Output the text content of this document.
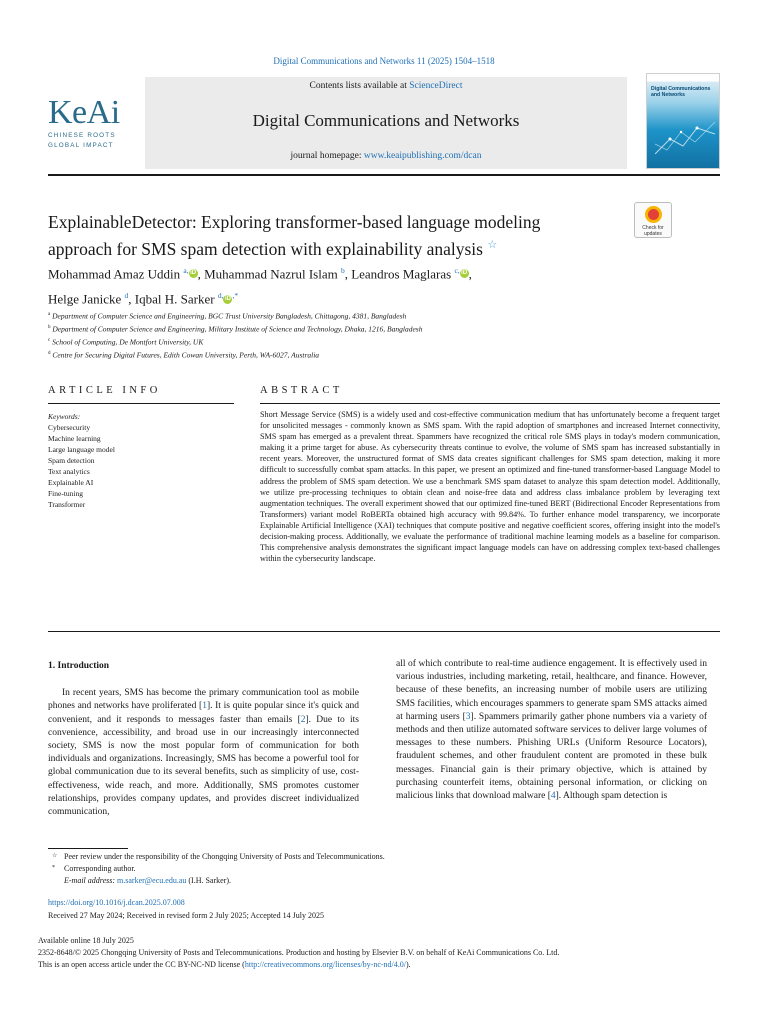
Digital Communications and Networks 11 (2025) 1504–1518
KeAi
CHINESE ROOTS
GLOBAL IMPACT
Contents lists available at ScienceDirect
Digital Communications and Networks
journal homepage: www.keaipublishing.com/dcan
Digital Communications and Networks
ExplainableDetector: Exploring transformer-based language modeling
approach for SMS spam detection with explainability analysis ☆
Check for updates
Mohammad Amaz Uddin $^{a,}$ iD , Muhammad Nazrul Islam $^b$, Leandros Maglaras $^{c,}$ iD ,
Helge Janicke $^d$, Iqbal H. Sarker $^{d,}$ iD ,*
$^a$ Department of Computer Science and Engineering, BGC Trust University Bangladesh, Chittagong, 4381, Bangladesh
$^b$ Department of Computer Science and Engineering, Military Institute of Science and Technology, Dhaka, 1216, Bangladesh
$^c$ School of Computing, De Montfort University, UK
$^d$ Centre for Securing Digital Futures, Edith Cowan University, Perth, WA-6027, Australia
ARTICLE INFO	ABSTRACT
Keywords:
Cybersecurity
Machine learning
Large language model
Spam detection
Text analytics
Explainable AI
Fine-tuning
Transformer
Short Message Service (SMS) is a widely used and cost-effective communication medium that has unfortunately become a frequent target for unsolicited messages - commonly known as SMS spam. With the rapid adoption of smartphones and increased Internet connectivity, SMS spam has emerged as a prevalent threat. Spammers have recognized the critical role SMS plays in today's modern communication, making it a prime target for abuse. As cybersecurity threats continue to evolve, the volume of SMS spam has increased substantially in recent years. Moreover, the unstructured format of SMS data creates significant challenges for SMS spam detection, making it more difficult to successfully combat spam attacks. In this paper, we present an optimized and fine-tuned transformer-based Language Model to address the problem of SMS spam detection. We use a benchmark SMS spam dataset to analyze this spam detection model. Additionally, we utilize pre-processing techniques to obtain clean and noise-free data and address class imbalance problem by leveraging text augmentation techniques. The overall experiment showed that our optimized fine-tuned BERT (Bidirectional Encoder Representations from Transformers) variant model RoBERTa obtained high accuracy with 99.84%. To further enhance model transparency, we incorporate Explainable Artificial Intelligence (XAI) techniques that compute positive and negative coefficient scores, offering insight into the model's decision-making process. Additionally, we evaluate the performance of traditional machine learning models as a baseline for comparison. This comprehensive analysis demonstrates the significant impact language models can have on addressing complex text-based challenges within the cybersecurity landscape.
1. Introduction
In recent years, SMS has become the primary communication tool as mobile phones and networks have proliferated [1]. It is quite popular since it's quick and convenient, and it responds to messages faster than emails [2]. Due to its convenience, accessibility, and broad use in our increasingly interconnected society, SMS is now the most popular form of communication for both individuals and organizations. Increasingly, SMS has become a powerful tool for global communication due to its several benefits, such as simplicity of use, cost-effectiveness, wide reach, and more. Additionally, SMS promotes customer relationships, provides company updates, and provides discreet individualized communication,
all of which contribute to real-time audience engagement. It is effectively used in various industries, including marketing, retail, healthcare, and finance. However, because of these benefits, an increasing number of mobile users are utilizing SMS facilities, which encourages spammers to generate spam SMS attacks aimed at harming users [3]. Spammers primarily gather phone numbers via a variety of methods and then utilize automated software services to deliver large volumes of messages to these numbers. Phishing URLs (Uniform Resource Locators), fraudulent schemes, and other fraudulent content are promoted in these bulk messages. Financial gain is their primary objective, which is attained by purchasing counterfeit items, obtaining personal information, or clicking on malicious links that download malware [4]. Although spam detection is
☆ Peer review under the responsibility of the Chongqing University of Posts and Telecommunications.
* Corresponding author.
E-mail address: m.sarker@ecu.edu.au (I.H. Sarker).
https://doi.org/10.1016/j.dcan.2025.07.008
Received 27 May 2024; Received in revised form 2 July 2025; Accepted 14 July 2025
Available online 18 July 2025
2352-8648/© 2025 Chongqing University of Posts and Telecommunications. Production and hosting by Elsevier B.V. on behalf of KeAi Communications Co. Ltd.
This is an open access article under the CC BY-NC-ND license (http://creativecommons.org/licenses/by-nc-nd/4.0/).
